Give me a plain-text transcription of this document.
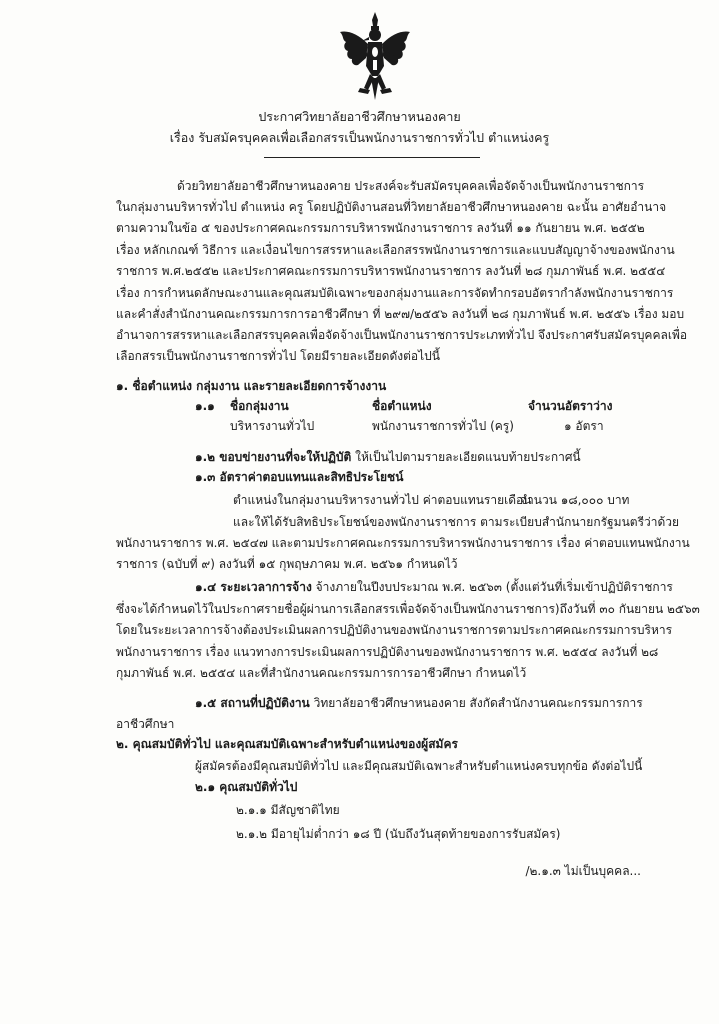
ประกาศวิทยาลัยอาชีวศึกษาหนองคาย
เรื่อง รับสมัครบุคคลเพื่อเลือกสรรเป็นพนักงานราชการทั่วไป ตำแหน่งครู
ด้วยวิทยาลัยอาชีวศึกษาหนองคาย ประสงค์จะรับสมัครบุคคลเพื่อจัดจ้างเป็นพนักงานราชการ
ในกลุ่มงานบริหารทั่วไป ตำแหน่ง ครู โดยปฏิบัติงานสอนที่วิทยาลัยอาชีวศึกษาหนองคาย ฉะนั้น อาศัยอำนาจ
ตามความในข้อ ๕ ของประกาศคณะกรรมการบริหารพนักงานราชการ ลงวันที่ ๑๑ กันยายน พ.ศ. ๒๕๕๒
เรื่อง หลักเกณฑ์ วิธีการ และเงื่อนไขการสรรหาและเลือกสรรพนักงานราชการและแบบสัญญาจ้างของพนักงาน
ราชการ พ.ศ.๒๕๕๒ และประกาศคณะกรรมการบริหารพนักงานราชการ ลงวันที่ ๒๘ กุมภาพันธ์ พ.ศ. ๒๕๕๔
เรื่อง การกำหนดลักษณะงานและคุณสมบัติเฉพาะของกลุ่มงานและการจัดทำกรอบอัตรากำลังพนักงานราชการ
และคำสั่งสำนักงานคณะกรรมการการอาชีวศึกษา ที่ ๒๙๗/๒๕๕๖ ลงวันที่ ๒๘ กุมภาพันธ์ พ.ศ. ๒๕๕๖ เรื่อง มอบ
อำนาจการสรรหาและเลือกสรรบุคคลเพื่อจัดจ้างเป็นพนักงานราชการประเภททั่วไป จึงประกาศรับสมัครบุคคลเพื่อ
เลือกสรรเป็นพนักงานราชการทั่วไป โดยมีรายละเอียดดังต่อไปนี้
๑. ชื่อตำแหน่ง กลุ่มงาน และรายละเอียดการจ้างงาน
๑.๑ ชื่อกลุ่มงาน	ชื่อตำแหน่ง	จำนวนอัตราว่าง
บริหารงานทั่วไป	พนักงานราชการทั่วไป (ครู)	๑ อัตรา
๑.๒ ขอบข่ายงานที่จะให้ปฏิบัติ ให้เป็นไปตามรายละเอียดแนบท้ายประกาศนี้
๑.๓ อัตราค่าตอบแทนและสิทธิประโยชน์
ตำแหน่งในกลุ่มงานบริหารงานทั่วไป ค่าตอบแทนรายเดือน
จำนวน ๑๘,๐๐๐ บาท
และให้ได้รับสิทธิประโยชน์ของพนักงานราชการ ตามระเบียบสำนักนายกรัฐมนตรีว่าด้วย
พนักงานราชการ พ.ศ. ๒๕๔๗ และตามประกาศคณะกรรมการบริหารพนักงานราชการ เรื่อง ค่าตอบแทนพนักงาน
ราชการ (ฉบับที่ ๙) ลงวันที่ ๑๕ กุพฤษภาคม พ.ศ. ๒๕๖๑ กำหนดไว้
๑.๔ ระยะเวลาการจ้าง จ้างภายในปีงบประมาณ พ.ศ. ๒๕๖๓ (ตั้งแต่วันที่เริ่มเข้าปฏิบัติราชการ
ซึ่งจะได้กำหนดไว้ในประกาศรายชื่อผู้ผ่านการเลือกสรรเพื่อจัดจ้างเป็นพนักงานราชการ)ถึงวันที่ ๓๐ กันยายน ๒๕๖๓
โดยในระยะเวลาการจ้างต้องประเมินผลการปฏิบัติงานของพนักงานราชการตามประกาศคณะกรรมการบริหาร
พนักงานราชการ เรื่อง แนวทางการประเมินผลการปฏิบัติงานของพนักงานราชการ พ.ศ. ๒๕๕๔ ลงวันที่ ๒๘
กุมภาพันธ์ พ.ศ. ๒๕๕๔ และที่สำนักงานคณะกรรมการการอาชีวศึกษา กำหนดไว้
๑.๕ สถานที่ปฏิบัติงาน วิทยาลัยอาชีวศึกษาหนองคาย สังกัดสำนักงานคณะกรรมการการ
อาชีวศึกษา
๒. คุณสมบัติทั่วไป และคุณสมบัติเฉพาะสำหรับตำแหน่งของผู้สมัคร
ผู้สมัครต้องมีคุณสมบัติทั่วไป และมีคุณสมบัติเฉพาะสำหรับตำแหน่งครบทุกข้อ ดังต่อไปนี้
๒.๑ คุณสมบัติทั่วไป
๒.๑.๑ มีสัญชาติไทย
๒.๑.๒ มีอายุไม่ต่ำกว่า ๑๘ ปี (นับถึงวันสุดท้ายของการรับสมัคร)
/๒.๑.๓ ไม่เป็นบุคคล...
